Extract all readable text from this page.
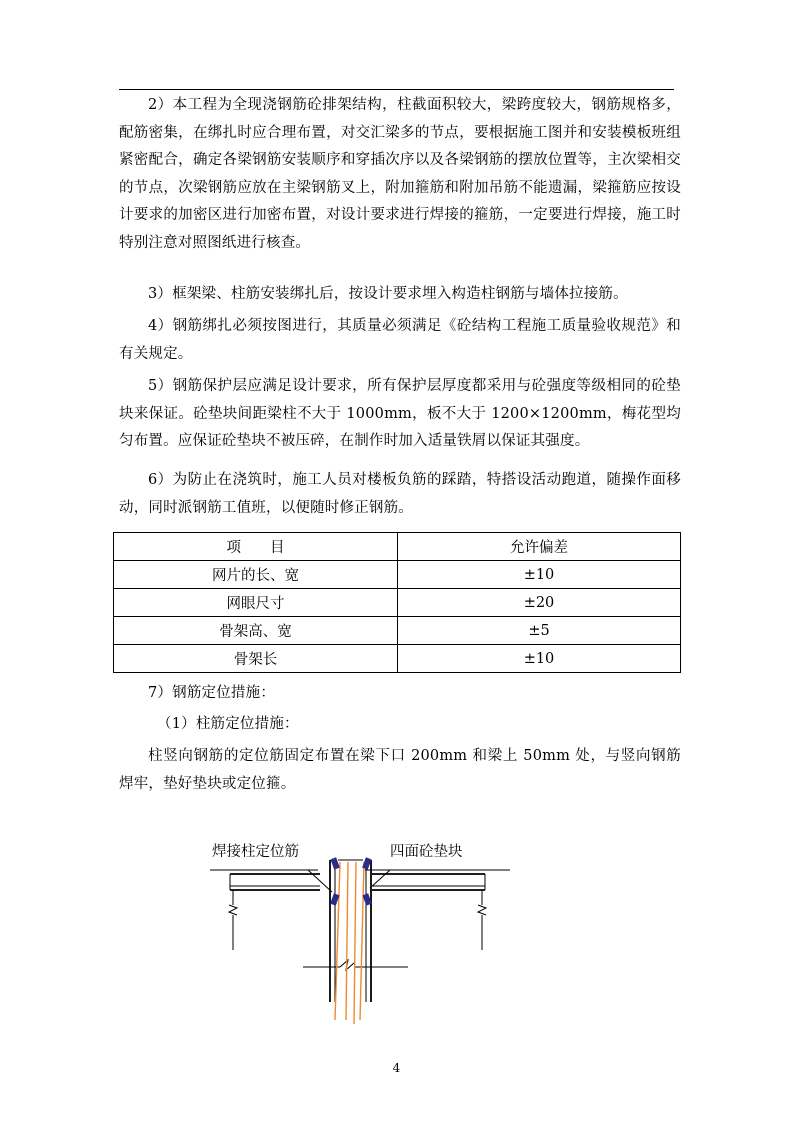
2）本工程为全现浇钢筋砼排架结构，柱截面积较大，梁跨度较大，钢筋规格多，配筋密集，在绑扎时应合理布置，对交汇梁多的节点，要根据施工图并和安装模板班组紧密配合，确定各梁钢筋安装顺序和穿插次序以及各梁钢筋的摆放位置等，主次梁相交的节点，次梁钢筋应放在主梁钢筋叉上，附加箍筋和附加吊筋不能遗漏，梁箍筋应按设计要求的加密区进行加密布置，对设计要求进行焊接的箍筋，一定要进行焊接，施工时特别注意对照图纸进行核查。

3）框架梁、柱筋安装绑扎后，按设计要求埋入构造柱钢筋与墙体拉接筋。

4）钢筋绑扎必须按图进行，其质量必须满足《砼结构工程施工质量验收规范》和有关规定。

5）钢筋保护层应满足设计要求，所有保护层厚度都采用与砼强度等级相同的砼垫块来保证。砼垫块间距梁柱不大于 1000mm，板不大于 1200×1200mm，梅花型均匀布置。应保证砼垫块不被压碎，在制作时加入适量铁屑以保证其强度。

6）为防止在浇筑时，施工人员对楼板负筋的踩踏，特搭设活动跑道，随操作面移动，同时派钢筋工值班，以便随时修正钢筋。

项　　目	允许偏差
网片的长、宽	±10
网眼尺寸	±20
骨架高、宽	±5
骨架长	±10

7）钢筋定位措施：

（1）柱筋定位措施：

柱竖向钢筋的定位筋固定布置在梁下口 200mm 和梁上 50mm 处，与竖向钢筋焊牢，垫好垫块或定位箍。

焊接柱定位筋	四面砼垫块
4
